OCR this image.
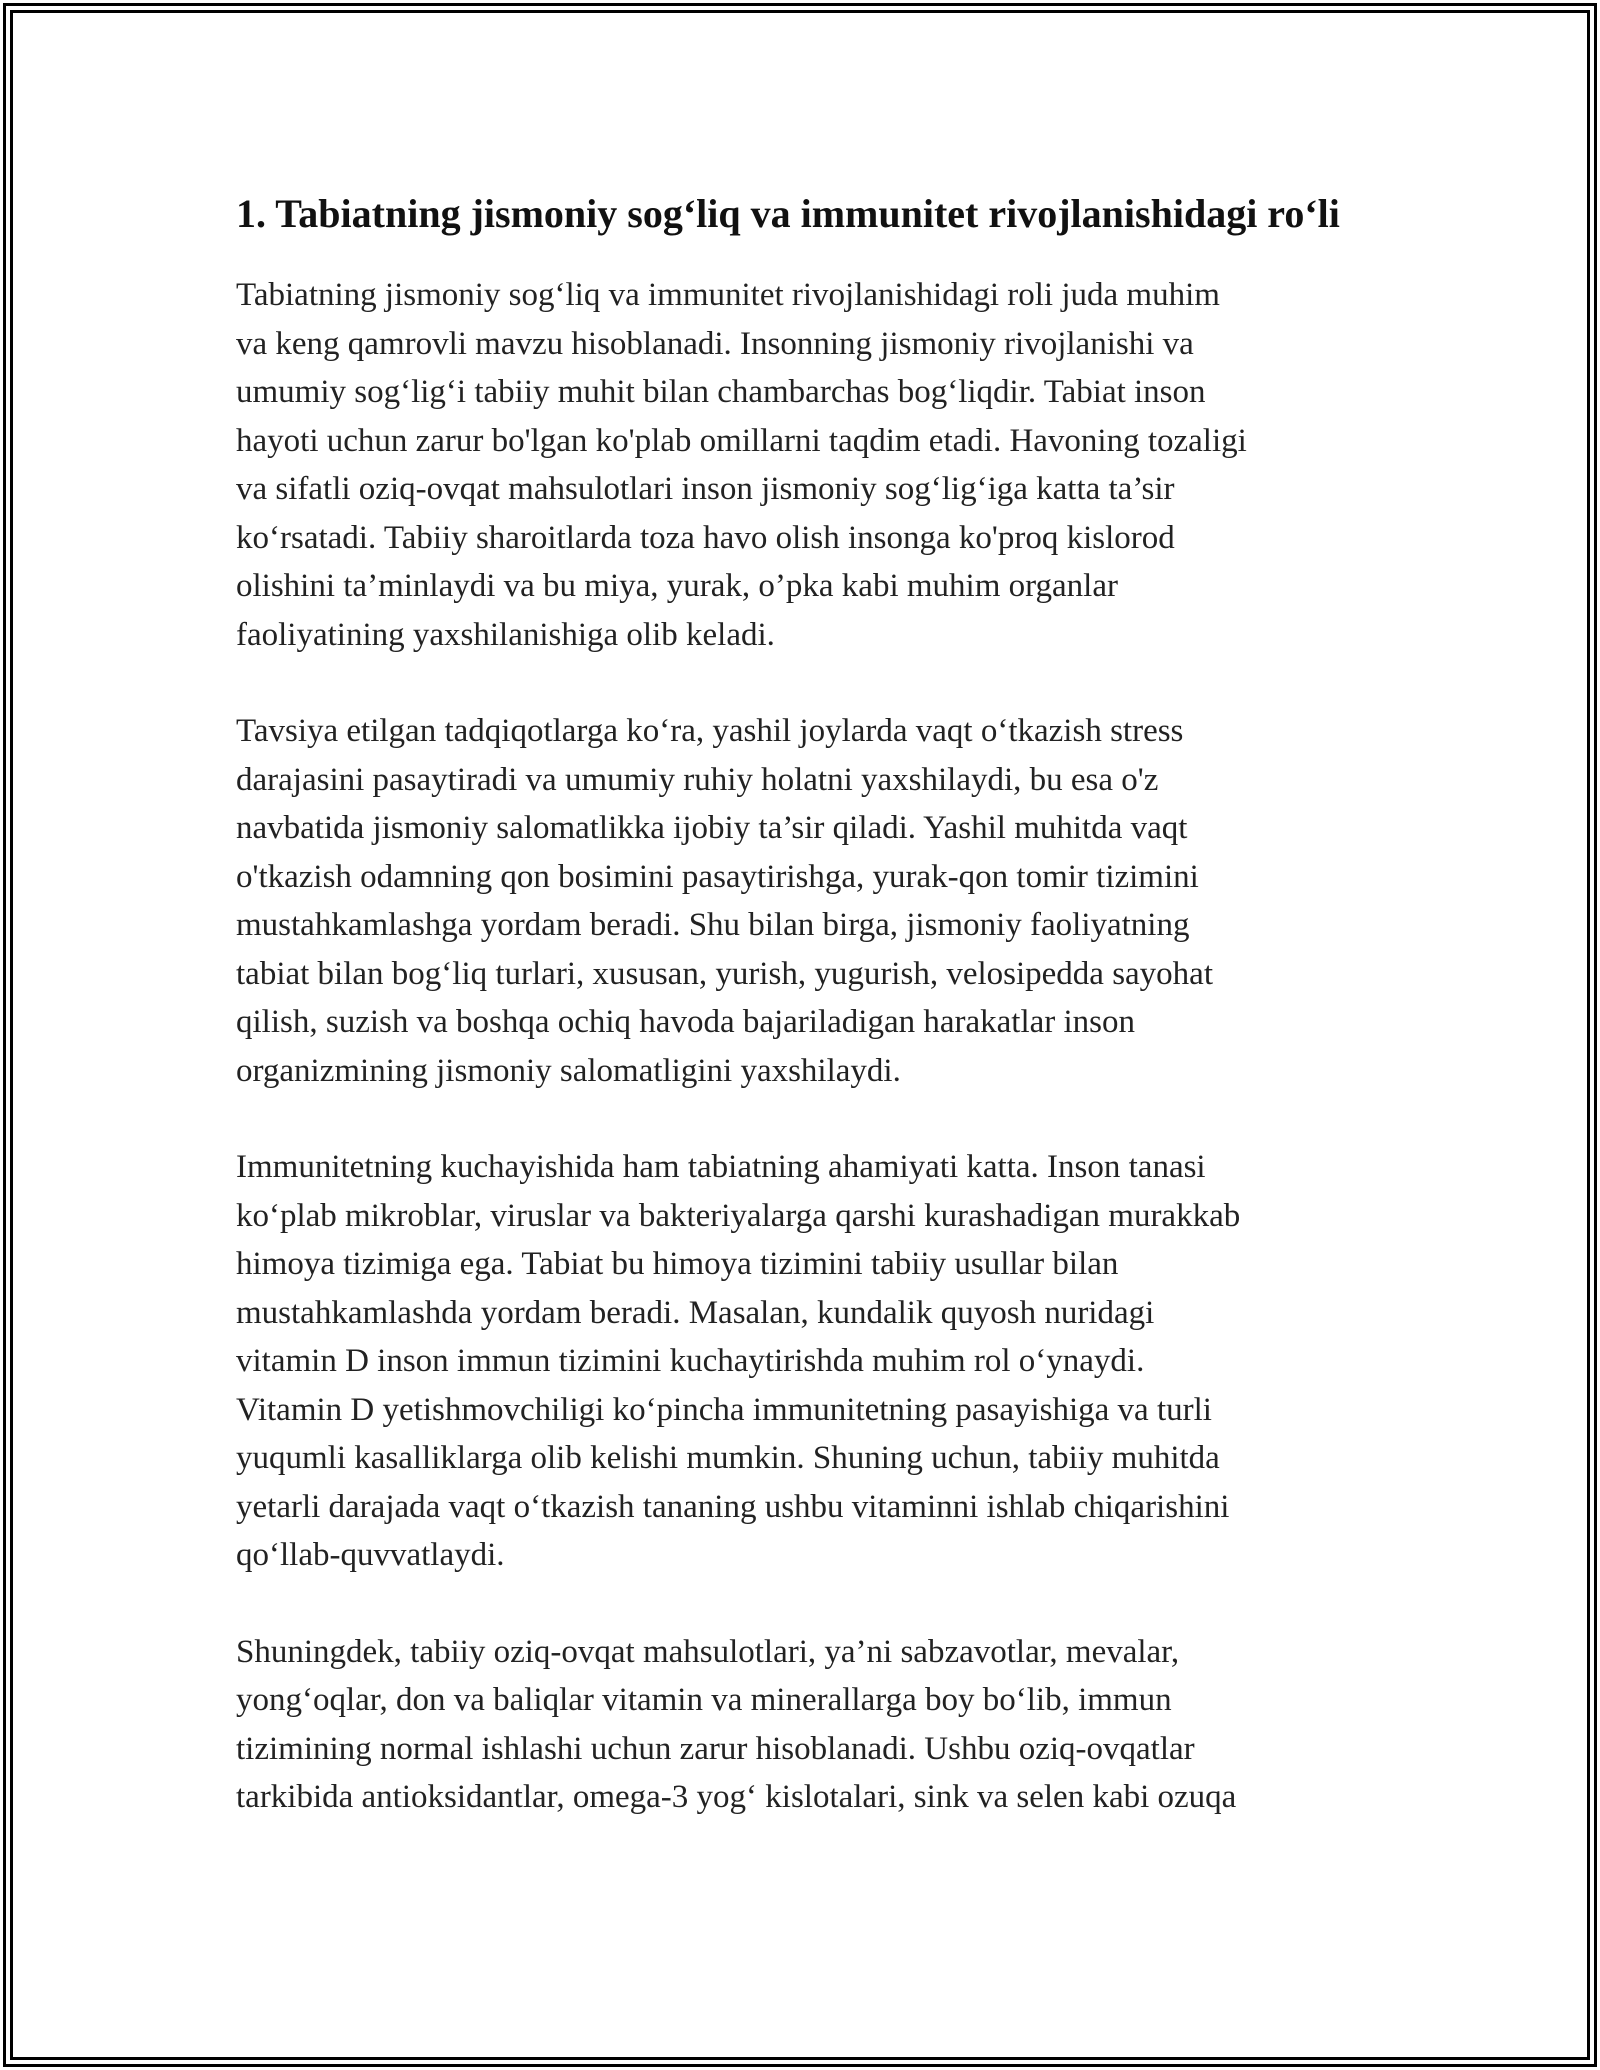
1. Tabiatning jismoniy sog‘liq va immunitet rivojlanishidagi ro‘li

Tabiatning jismoniy sog‘liq va immunitet rivojlanishidagi roli juda muhim
va keng qamrovli mavzu hisoblanadi. Insonning jismoniy rivojlanishi va
umumiy sog‘lig‘i tabiiy muhit bilan chambarchas bog‘liqdir. Tabiat inson
hayoti uchun zarur bo'lgan ko'plab omillarni taqdim etadi. Havoning tozaligi
va sifatli oziq-ovqat mahsulotlari inson jismoniy sog‘lig‘iga katta ta’sir
ko‘rsatadi. Tabiiy sharoitlarda toza havo olish insonga ko'proq kislorod
olishini ta’minlaydi va bu miya, yurak, o’pka kabi muhim organlar
faoliyatining yaxshilanishiga olib keladi.

Tavsiya etilgan tadqiqotlarga ko‘ra, yashil joylarda vaqt o‘tkazish stress
darajasini pasaytiradi va umumiy ruhiy holatni yaxshilaydi, bu esa o'z
navbatida jismoniy salomatlikka ijobiy ta’sir qiladi. Yashil muhitda vaqt
o'tkazish odamning qon bosimini pasaytirishga, yurak-qon tomir tizimini
mustahkamlashga yordam beradi. Shu bilan birga, jismoniy faoliyatning
tabiat bilan bog‘liq turlari, xususan, yurish, yugurish, velosipedda sayohat
qilish, suzish va boshqa ochiq havoda bajariladigan harakatlar inson
organizmining jismoniy salomatligini yaxshilaydi.

Immunitetning kuchayishida ham tabiatning ahamiyati katta. Inson tanasi
ko‘plab mikroblar, viruslar va bakteriyalarga qarshi kurashadigan murakkab
himoya tizimiga ega. Tabiat bu himoya tizimini tabiiy usullar bilan
mustahkamlashda yordam beradi. Masalan, kundalik quyosh nuridagi
vitamin D inson immun tizimini kuchaytirishda muhim rol o‘ynaydi.
Vitamin D yetishmovchiligi ko‘pincha immunitetning pasayishiga va turli
yuqumli kasalliklarga olib kelishi mumkin. Shuning uchun, tabiiy muhitda
yetarli darajada vaqt o‘tkazish tananing ushbu vitaminni ishlab chiqarishini
qo‘llab-quvvatlaydi.

Shuningdek, tabiiy oziq-ovqat mahsulotlari, ya’ni sabzavotlar, mevalar,
yong‘oqlar, don va baliqlar vitamin va minerallarga boy bo‘lib, immun
tizimining normal ishlashi uchun zarur hisoblanadi. Ushbu oziq-ovqatlar
tarkibida antioksidantlar, omega-3 yog‘ kislotalari, sink va selen kabi ozuqa
